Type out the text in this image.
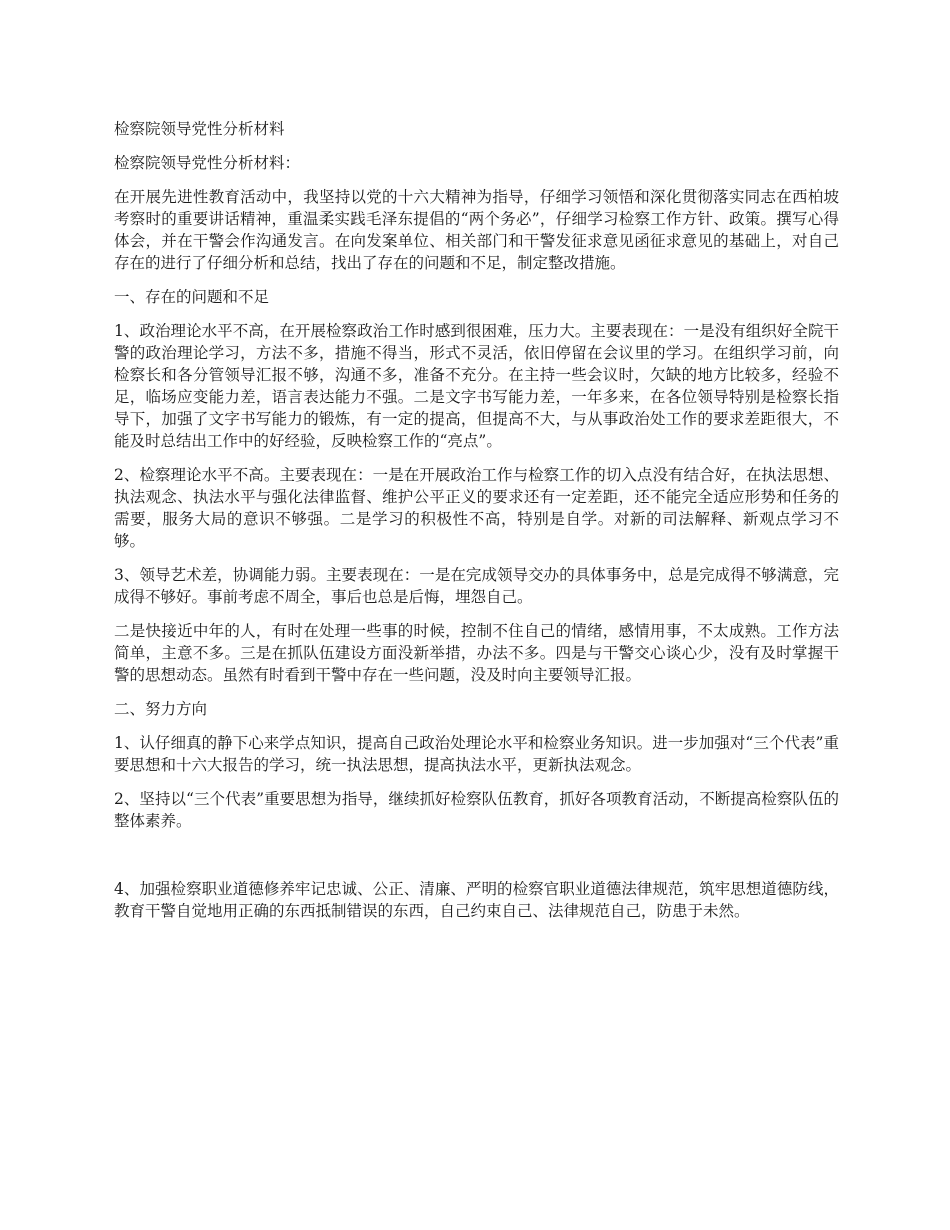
检察院领导党性分析材料

检察院领导党性分析材料：

在开展先进性教育活动中，我坚持以党的十六大精神为指导，仔细学习领悟和深化贯彻落实同志在西柏坡考察时的重要讲话精神，重温柔实践毛泽东提倡的“两个务必”，仔细学习检察工作方针、政策。撰写心得体会，并在干警会作沟通发言。在向发案单位、相关部门和干警发征求意见函征求意见的基础上，对自己存在的进行了仔细分析和总结，找出了存在的问题和不足，制定整改措施。

一、存在的问题和不足

1、政治理论水平不高，在开展检察政治工作时感到很困难，压力大。主要表现在：一是没有组织好全院干警的政治理论学习，方法不多，措施不得当，形式不灵活，依旧停留在会议里的学习。在组织学习前，向检察长和各分管领导汇报不够，沟通不多，准备不充分。在主持一些会议时，欠缺的地方比较多，经验不足，临场应变能力差，语言表达能力不强。二是文字书写能力差，一年多来，在各位领导特别是检察长指导下，加强了文字书写能力的锻炼，有一定的提高，但提高不大，与从事政治处工作的要求差距很大，不能及时总结出工作中的好经验，反映检察工作的“亮点”。

2、检察理论水平不高。主要表现在：一是在开展政治工作与检察工作的切入点没有结合好，在执法思想、执法观念、执法水平与强化法律监督、维护公平正义的要求还有一定差距，还不能完全适应形势和任务的需要，服务大局的意识不够强。二是学习的积极性不高，特别是自学。对新的司法解释、新观点学习不够。

3、领导艺术差，协调能力弱。主要表现在：一是在完成领导交办的具体事务中，总是完成得不够满意，完成得不够好。事前考虑不周全，事后也总是后悔，埋怨自己。

二是快接近中年的人，有时在处理一些事的时候，控制不住自己的情绪，感情用事，不太成熟。工作方法简单，主意不多。三是在抓队伍建设方面没新举措，办法不多。四是与干警交心谈心少，没有及时掌握干警的思想动态。虽然有时看到干警中存在一些问题，没及时向主要领导汇报。

二、努力方向

1、认仔细真的静下心来学点知识，提高自己政治处理论水平和检察业务知识。进一步加强对“三个代表”重要思想和十六大报告的学习，统一执法思想，提高执法水平，更新执法观念。

2、坚持以“三个代表”重要思想为指导，继续抓好检察队伍教育，抓好各项教育活动，不断提高检察队伍的整体素养。

4、加强检察职业道德修养牢记忠诚、公正、清廉、严明的检察官职业道德法律规范，筑牢思想道德防线，教育干警自觉地用正确的东西抵制错误的东西，自己约束自己、法律规范自己，防患于未然。
